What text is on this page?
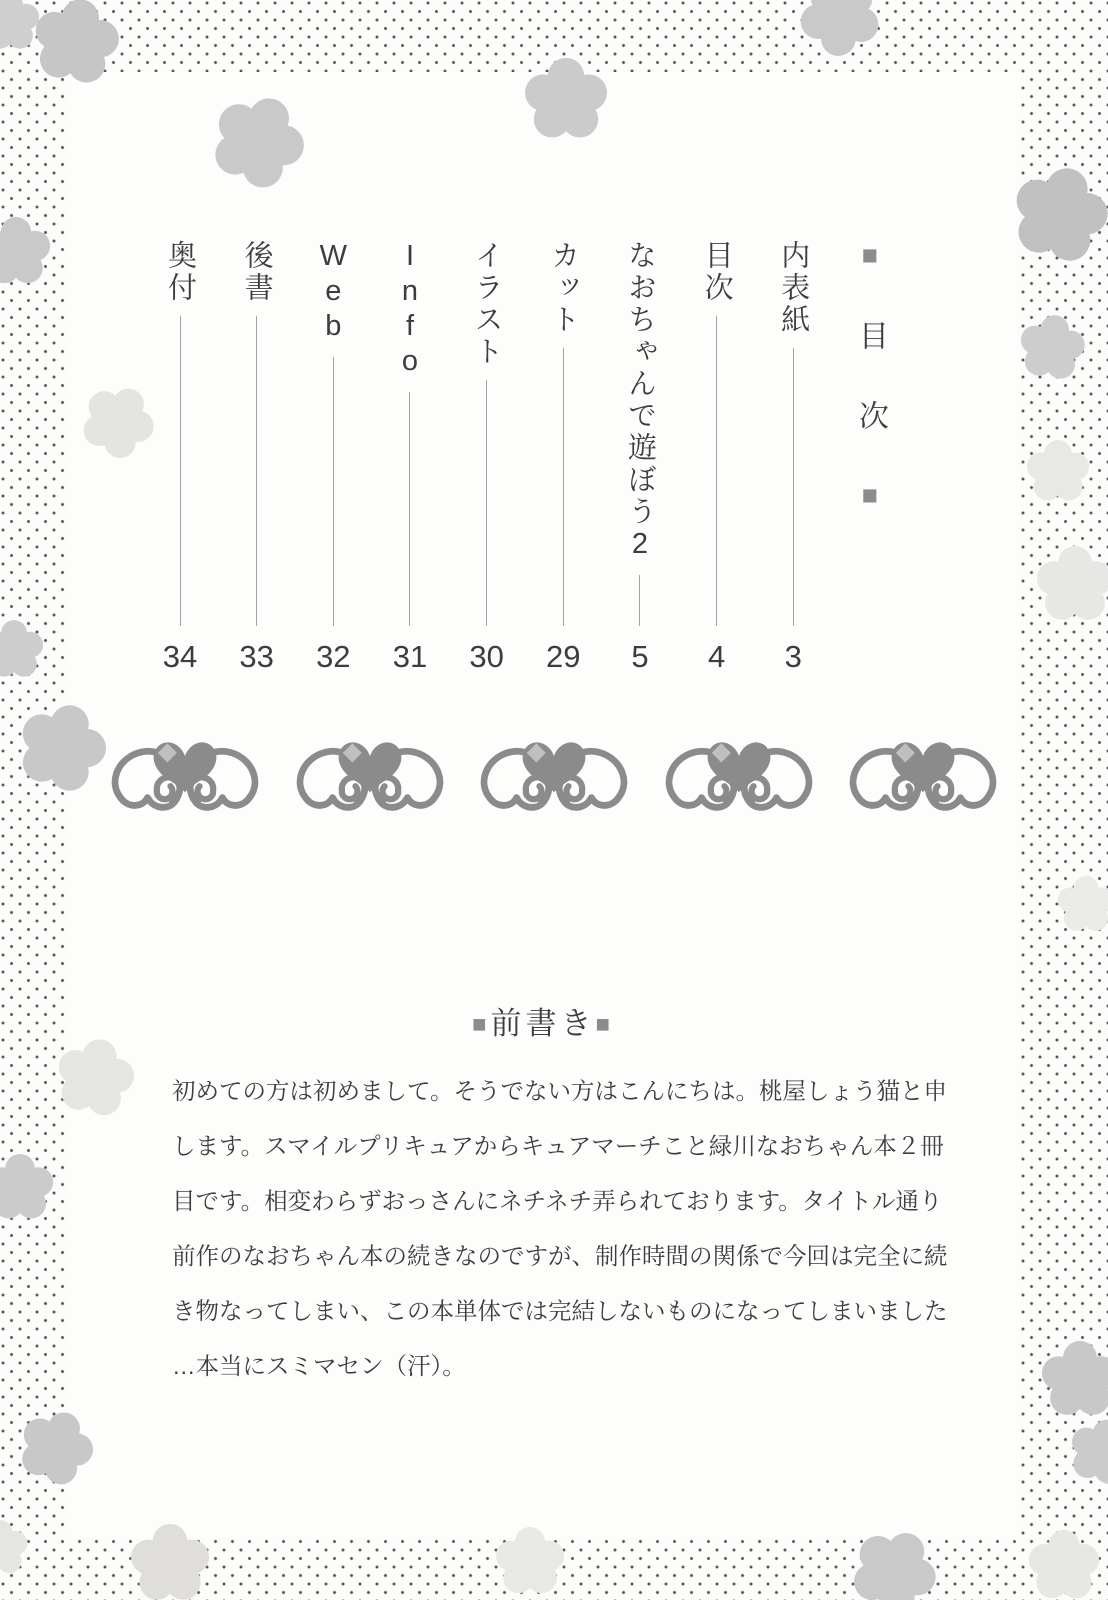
■目次■
内表紙
3
目次
4
なおちゃんで遊ぼう2
5
カット
29
イラスト
30
Info
31
Web
32
後書
33
奥付
34
■前書き■
初めての方は初めまして。そうでない方はこんにちは。桃屋しょう猫と申
します。スマイルプリキュアからキュアマーチこと緑川なおちゃん本２冊
目です。相変わらずおっさんにネチネチ弄られております。タイトル通り
前作のなおちゃん本の続きなのですが、制作時間の関係で今回は完全に続
き物なってしまい、この本単体では完結しないものになってしまいました
…本当にスミマセン（汗）。
